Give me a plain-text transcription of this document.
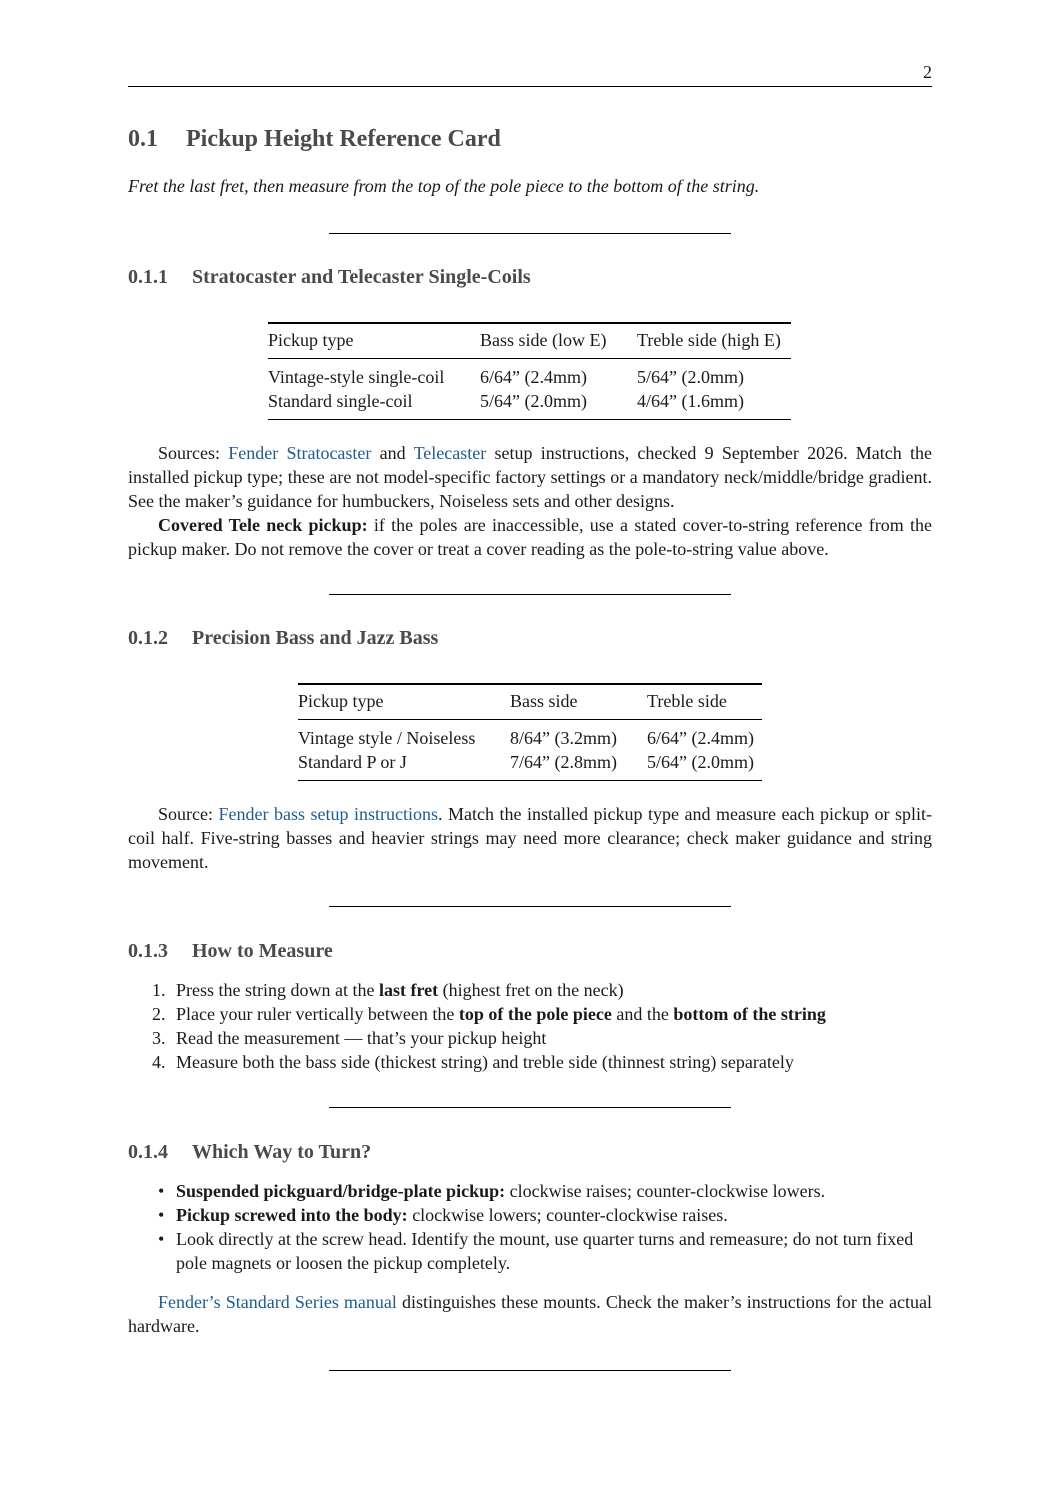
2
0.1 Pickup Height Reference Card

Fret the last fret, then measure from the top of the pole piece to the bottom of the string.

0.1.1 Stratocaster and Telecaster Single-Coils
Pickup type	Bass side (low E)	Treble side (high E)
Vintage-style single-coil	6/64” (2.4mm)	5/64” (2.0mm)
Standard single-coil	5/64” (2.0mm)	4/64” (1.6mm)

Sources: Fender Stratocaster and Telecaster setup instructions, checked 9 September 2026. Match the installed pickup type; these are not model-specific factory settings or a mandatory neck/middle/bridge gradient. See the maker’s guidance for humbuckers, Noiseless sets and other designs.

Covered Tele neck pickup: if the poles are inaccessible, use a stated cover-to-string reference from the pickup maker. Do not remove the cover or treat a cover reading as the pole-to-string value above.

0.1.2 Precision Bass and Jazz Bass
Pickup type	Bass side	Treble side
Vintage style / Noiseless	8/64” (3.2mm)	6/64” (2.4mm)
Standard P or J	7/64” (2.8mm)	5/64” (2.0mm)

Source: Fender bass setup instructions. Match the installed pickup type and measure each pickup or split-coil half. Five-string basses and heavier strings may need more clearance; check maker guidance and string movement.

0.1.3 How to Measure
1. Press the string down at the last fret (highest fret on the neck)
2. Place your ruler vertically between the top of the pole piece and the bottom of the string
3. Read the measurement — that’s your pickup height
4. Measure both the bass side (thickest string) and treble side (thinnest string) separately
0.1.4 Which Way to Turn?
• Suspended pickguard/bridge-plate pickup: clockwise raises; counter-clockwise lowers.
• Pickup screwed into the body: clockwise lowers; counter-clockwise raises.
• Look directly at the screw head. Identify the mount, use quarter turns and remeasure; do not turn fixed pole magnets or loosen the pickup completely.

Fender’s Standard Series manual distinguishes these mounts. Check the maker’s instructions for the actual hardware.
